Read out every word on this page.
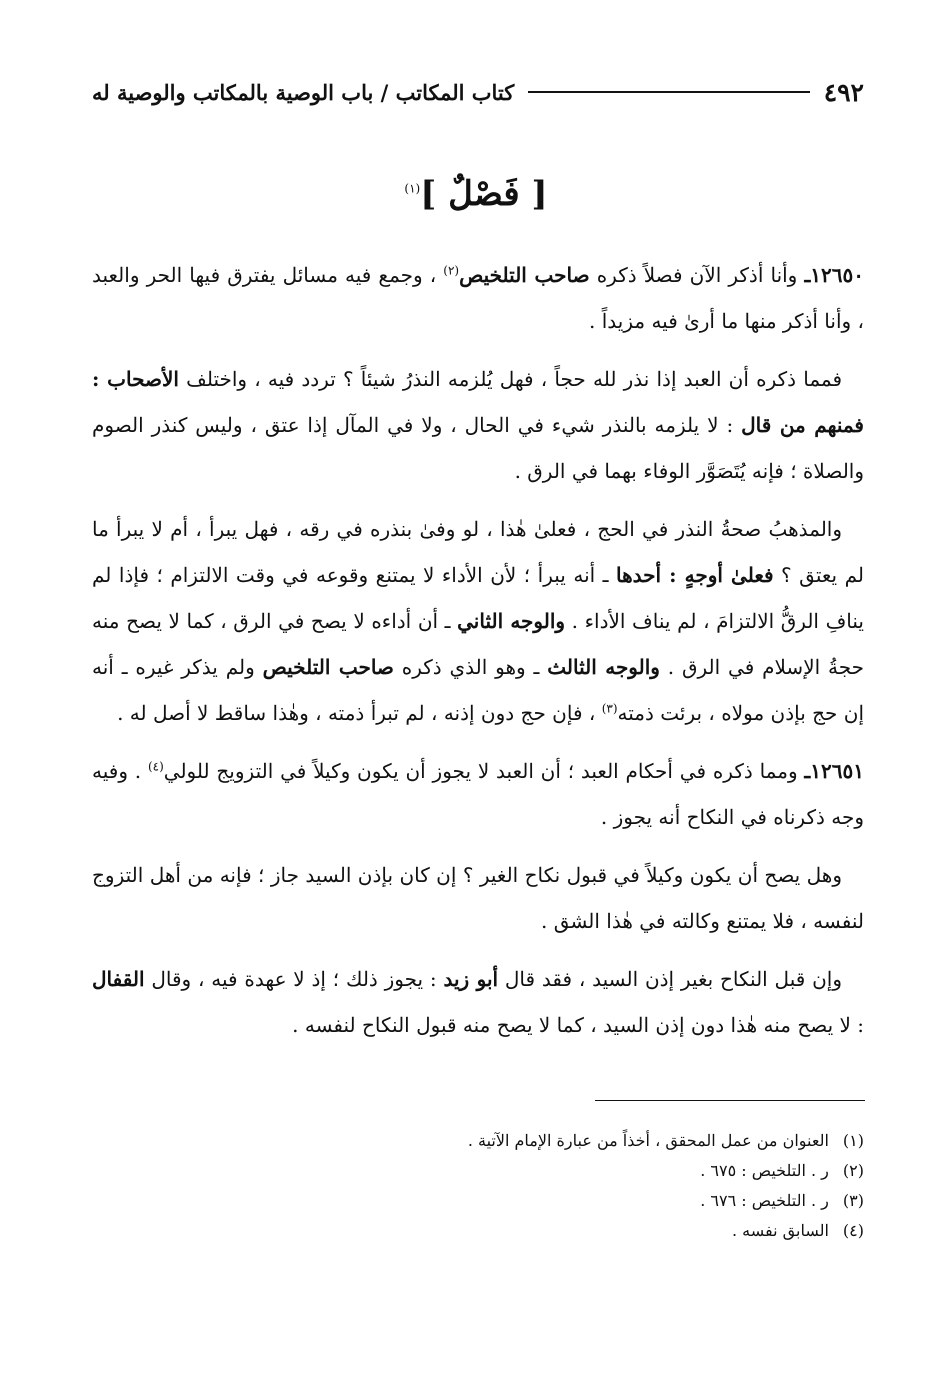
٤٩٢
كتاب المكاتب / باب الوصية بالمكاتب والوصية له
[ فَصْلٌ ]$^{(١)}$

١٢٦٥٠ـ وأنا أذكر الآن فصلاً ذكره صاحب التلخيص$^{(٢)}$ ، وجمع فيه مسائل يفترق فيها الحر والعبد ، وأنا أذكر منها ما أرىٰ فيه مزيداً .

فمما ذكره أن العبد إذا نذر لله حجاً ، فهل يُلزمه النذرُ شيئاً ؟ تردد فيه ، واختلف الأصحاب : فمنهم من قال : لا يلزمه بالنذر شيء في الحال ، ولا في المآل إذا عتق ، وليس كنذر الصوم والصلاة ؛ فإنه يُتَصَوَّر الوفاء بهما في الرق .

والمذهبُ صحةُ النذر في الحج ، فعلىٰ هٰذا ، لو وفىٰ بنذره في رقه ، فهل يبرأ ، أم لا يبرأ ما لم يعتق ؟ فعلىٰ أوجهٍ : أحدها ـ أنه يبرأ ؛ لأن الأداء لا يمتنع وقوعه في وقت الالتزام ؛ فإذا لم ينافِ الرقُّ الالتزامَ ، لم يناف الأداء . والوجه الثاني ـ أن أداءه لا يصح في الرق ، كما لا يصح منه حجةُ الإسلام في الرق . والوجه الثالث ـ وهو الذي ذكره صاحب التلخيص ولم يذكر غيره ـ أنه إن حج بإذن مولاه ، برئت ذمته$^{(٣)}$ ، فإن حج دون إذنه ، لم تبرأ ذمته ، وهٰذا ساقط لا أصل له .

١٢٦٥١ـ ومما ذكره في أحكام العبد ؛ أن العبد لا يجوز أن يكون وكيلاً في التزويج للولي$^{(٤)}$ . وفيه وجه ذكرناه في النكاح أنه يجوز .

وهل يصح أن يكون وكيلاً في قبول نكاح الغير ؟ إن كان بإذن السيد جاز ؛ فإنه من أهل التزوج لنفسه ، فلا يمتنع وكالته في هٰذا الشق .

وإن قبل النكاح بغير إذن السيد ، فقد قال أبو زيد : يجوز ذلك ؛ إذ لا عهدة فيه ، وقال القفال : لا يصح منه هٰذا دون إذن السيد ، كما لا يصح منه قبول النكاح لنفسه .

(١)
العنوان من عمل المحقق ، أخذاً من عبارة الإمام الآتية .
(٢)
ر . التلخيص : ٦٧٥ .
(٣)
ر . التلخيص : ٦٧٦ .
(٤)
السابق نفسه .
